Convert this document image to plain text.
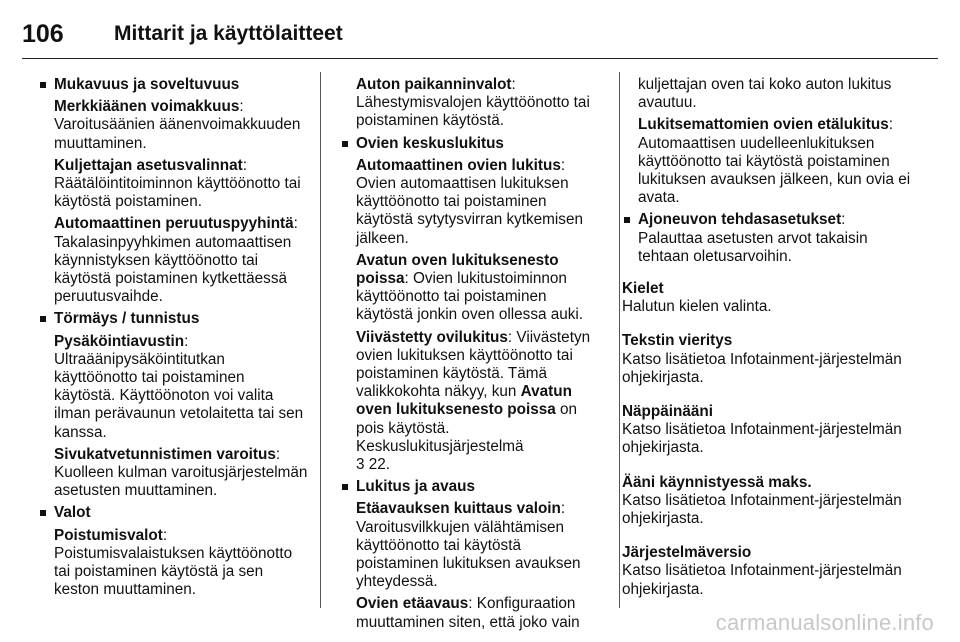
106	Mittarit ja käyttölaitteet
Mukavuus ja soveltuvuus
Merkkiäänen voimakkuus: Varoitusäänien äänenvoimakkuuden muuttaminen.
Kuljettajan asetusvalinnat: Räätälöintitoiminnon käyttöönotto tai käytöstä poistaminen.
Automaattinen peruutuspyyhintä: Takalasinpyyhkimen automaattisen käynnistyksen käyttöönotto tai käytöstä poistaminen kytkettäessä peruutusvaihde.
Törmäys / tunnistus
Pysäköintiavustin: Ultraäänipysäköintitutkan käyttöönotto tai poistaminen käytöstä. Käyttöönoton voi valita ilman perävaunun vetolaitetta tai sen kanssa.
Sivukatvetunnistimen varoitus: Kuolleen kulman varoitusjärjestelmän asetusten muuttaminen.
Valot
Poistumisvalot: Poistumisvalaistuksen käyttöönotto tai poistaminen käytöstä ja sen keston muuttaminen.
Auton paikanninvalot: Lähestymisvalojen käyttöönotto tai poistaminen käytöstä.
Ovien keskuslukitus
Automaattinen ovien lukitus: Ovien automaattisen lukituksen käyttöönotto tai poistaminen käytöstä sytytysvirran kytkemisen jälkeen.
Avatun oven lukituksenesto poissa: Ovien lukitustoiminnon käyttöönotto tai poistaminen käytöstä jonkin oven ollessa auki.
Viivästetty ovilukitus: Viivästetyn ovien lukituksen käyttöönotto tai poistaminen käytöstä. Tämä valikkokohta näkyy, kun Avatun oven lukituksenesto poissa on pois käytöstä. Keskuslukitusjärjestelmä
3 22.
Lukitus ja avaus
Etäavauksen kuittaus valoin: Varoitusvilkkujen välähtämisen käyttöönotto tai käytöstä poistaminen lukituksen avauksen yhteydessä.
Ovien etäavaus: Konfiguraation muuttaminen siten, että joko vain
kuljettajan oven tai koko auton lukitus avautuu.
Lukitsemattomien ovien etälukitus: Automaattisen uudelleenlukituksen käyttöönotto tai käytöstä poistaminen lukituksen avauksen jälkeen, kun ovia ei avata.
Ajoneuvon tehdasasetukset: Palauttaa asetusten arvot takaisin tehtaan oletusarvoihin.
Kielet
Halutun kielen valinta.
Tekstin vieritys
Katso lisätietoa Infotainment-järjestelmän ohjekirjasta.
Näppäinääni
Katso lisätietoa Infotainment-järjestelmän ohjekirjasta.
Ääni käynnistyessä maks.
Katso lisätietoa Infotainment-järjestelmän ohjekirjasta.
Järjestelmäversio
Katso lisätietoa Infotainment-järjestelmän ohjekirjasta.
carmanualsonline.info
